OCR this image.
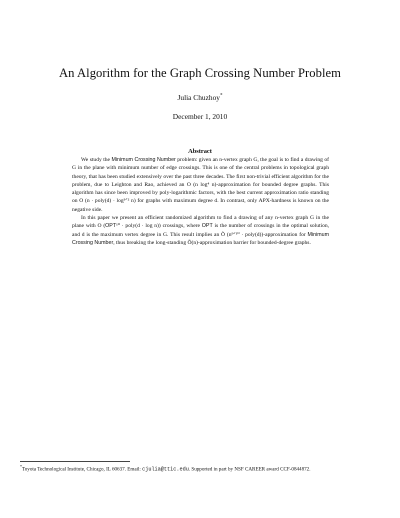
An Algorithm for the Graph Crossing Number Problem
Julia Chuzhoy*
December 1, 2010
Abstract

We study the Minimum Crossing Number problem: given an n-vertex graph G, the goal is to find a drawing of G in the plane with minimum number of edge crossings. This is one of the central problems in topological graph theory, that has been studied extensively over the past three decades. The first non-trivial efficient algorithm for the problem, due to Leighton and Rao, achieved an O (n log⁴ n)-approximation for bounded degree graphs. This algorithm has since been improved by poly-logarithmic factors, with the best current approximation ratio standing on O (n · poly(d) · log³ᐟ² n) for graphs with maximum degree d. In contrast, only APX-hardness is known on the negative side.

In this paper we present an efficient randomized algorithm to find a drawing of any n-vertex graph G in the plane with O (OPT¹⁰ · poly(d · log n)) crossings, where OPT is the number of crossings in the optimal solution, and d is the maximum vertex degree in G. This result implies an Õ (n⁹ᐟ¹⁰ · poly(d))-approximation for Minimum Crossing Number, thus breaking the long-standing Õ(n)-approximation barrier for bounded-degree graphs.

*Toyota Technological Institute, Chicago, IL 60637. Email: cjulia@ttic.edu. Supported in part by NSF CAREER award CCF-0844872.
